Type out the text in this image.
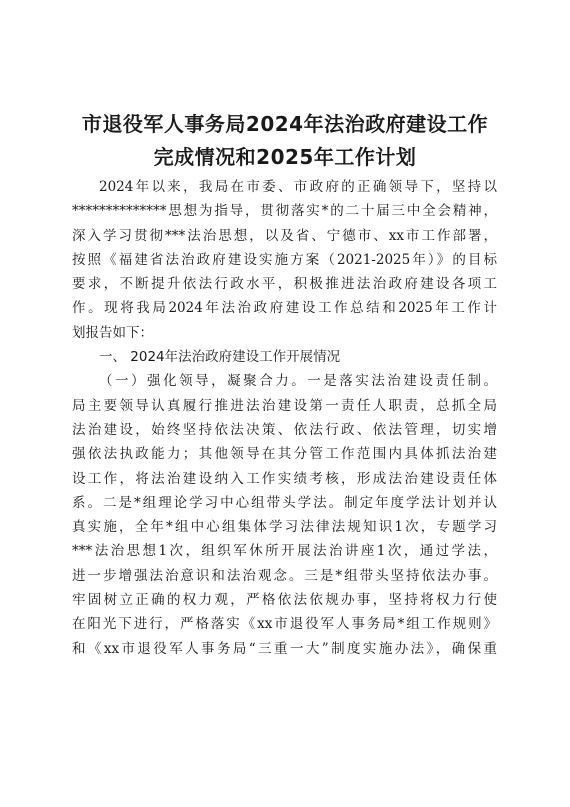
市退役军人事务局2024年法治政府建设工作
完成情况和2025年工作计划
2024年以来，我局在市委、市政府的正确领导下，坚持以
**************思想为指导，贯彻落实*的二十届三中全会精神，
深入学习贯彻***法治思想，以及省、宁德市、xx市工作部署，
按照《福建省法治政府建设实施方案（2021-2025年）》的目标
要求，不断提升依法行政水平，积极推进法治政府建设各项工
作。现将我局2024年法治政府建设工作总结和2025年工作计
划报告如下：
一、 2024年法治政府建设工作开展情况
（一）强化领导，凝聚合力。一是落实法治建设责任制。
局主要领导认真履行推进法治建设第一责任人职责，总抓全局
法治建设，始终坚持依法决策、依法行政、依法管理，切实增
强依法执政能力；其他领导在其分管工作范围内具体抓法治建
设工作，将法治建设纳入工作实绩考核，形成法治建设责任体
系。二是*组理论学习中心组带头学法。制定年度学法计划并认
真实施，全年*组中心组集体学习法律法规知识1次，专题学习
***法治思想1次，组织军休所开展法治讲座1次，通过学法，
进一步增强法治意识和法治观念。三是*组带头坚持依法办事。
牢固树立正确的权力观，严格依法依规办事，坚持将权力行使
在阳光下进行，严格落实《xx市退役军人事务局*组工作规则》
和《xx市退役军人事务局“三重一大”制度实施办法》，确保重
